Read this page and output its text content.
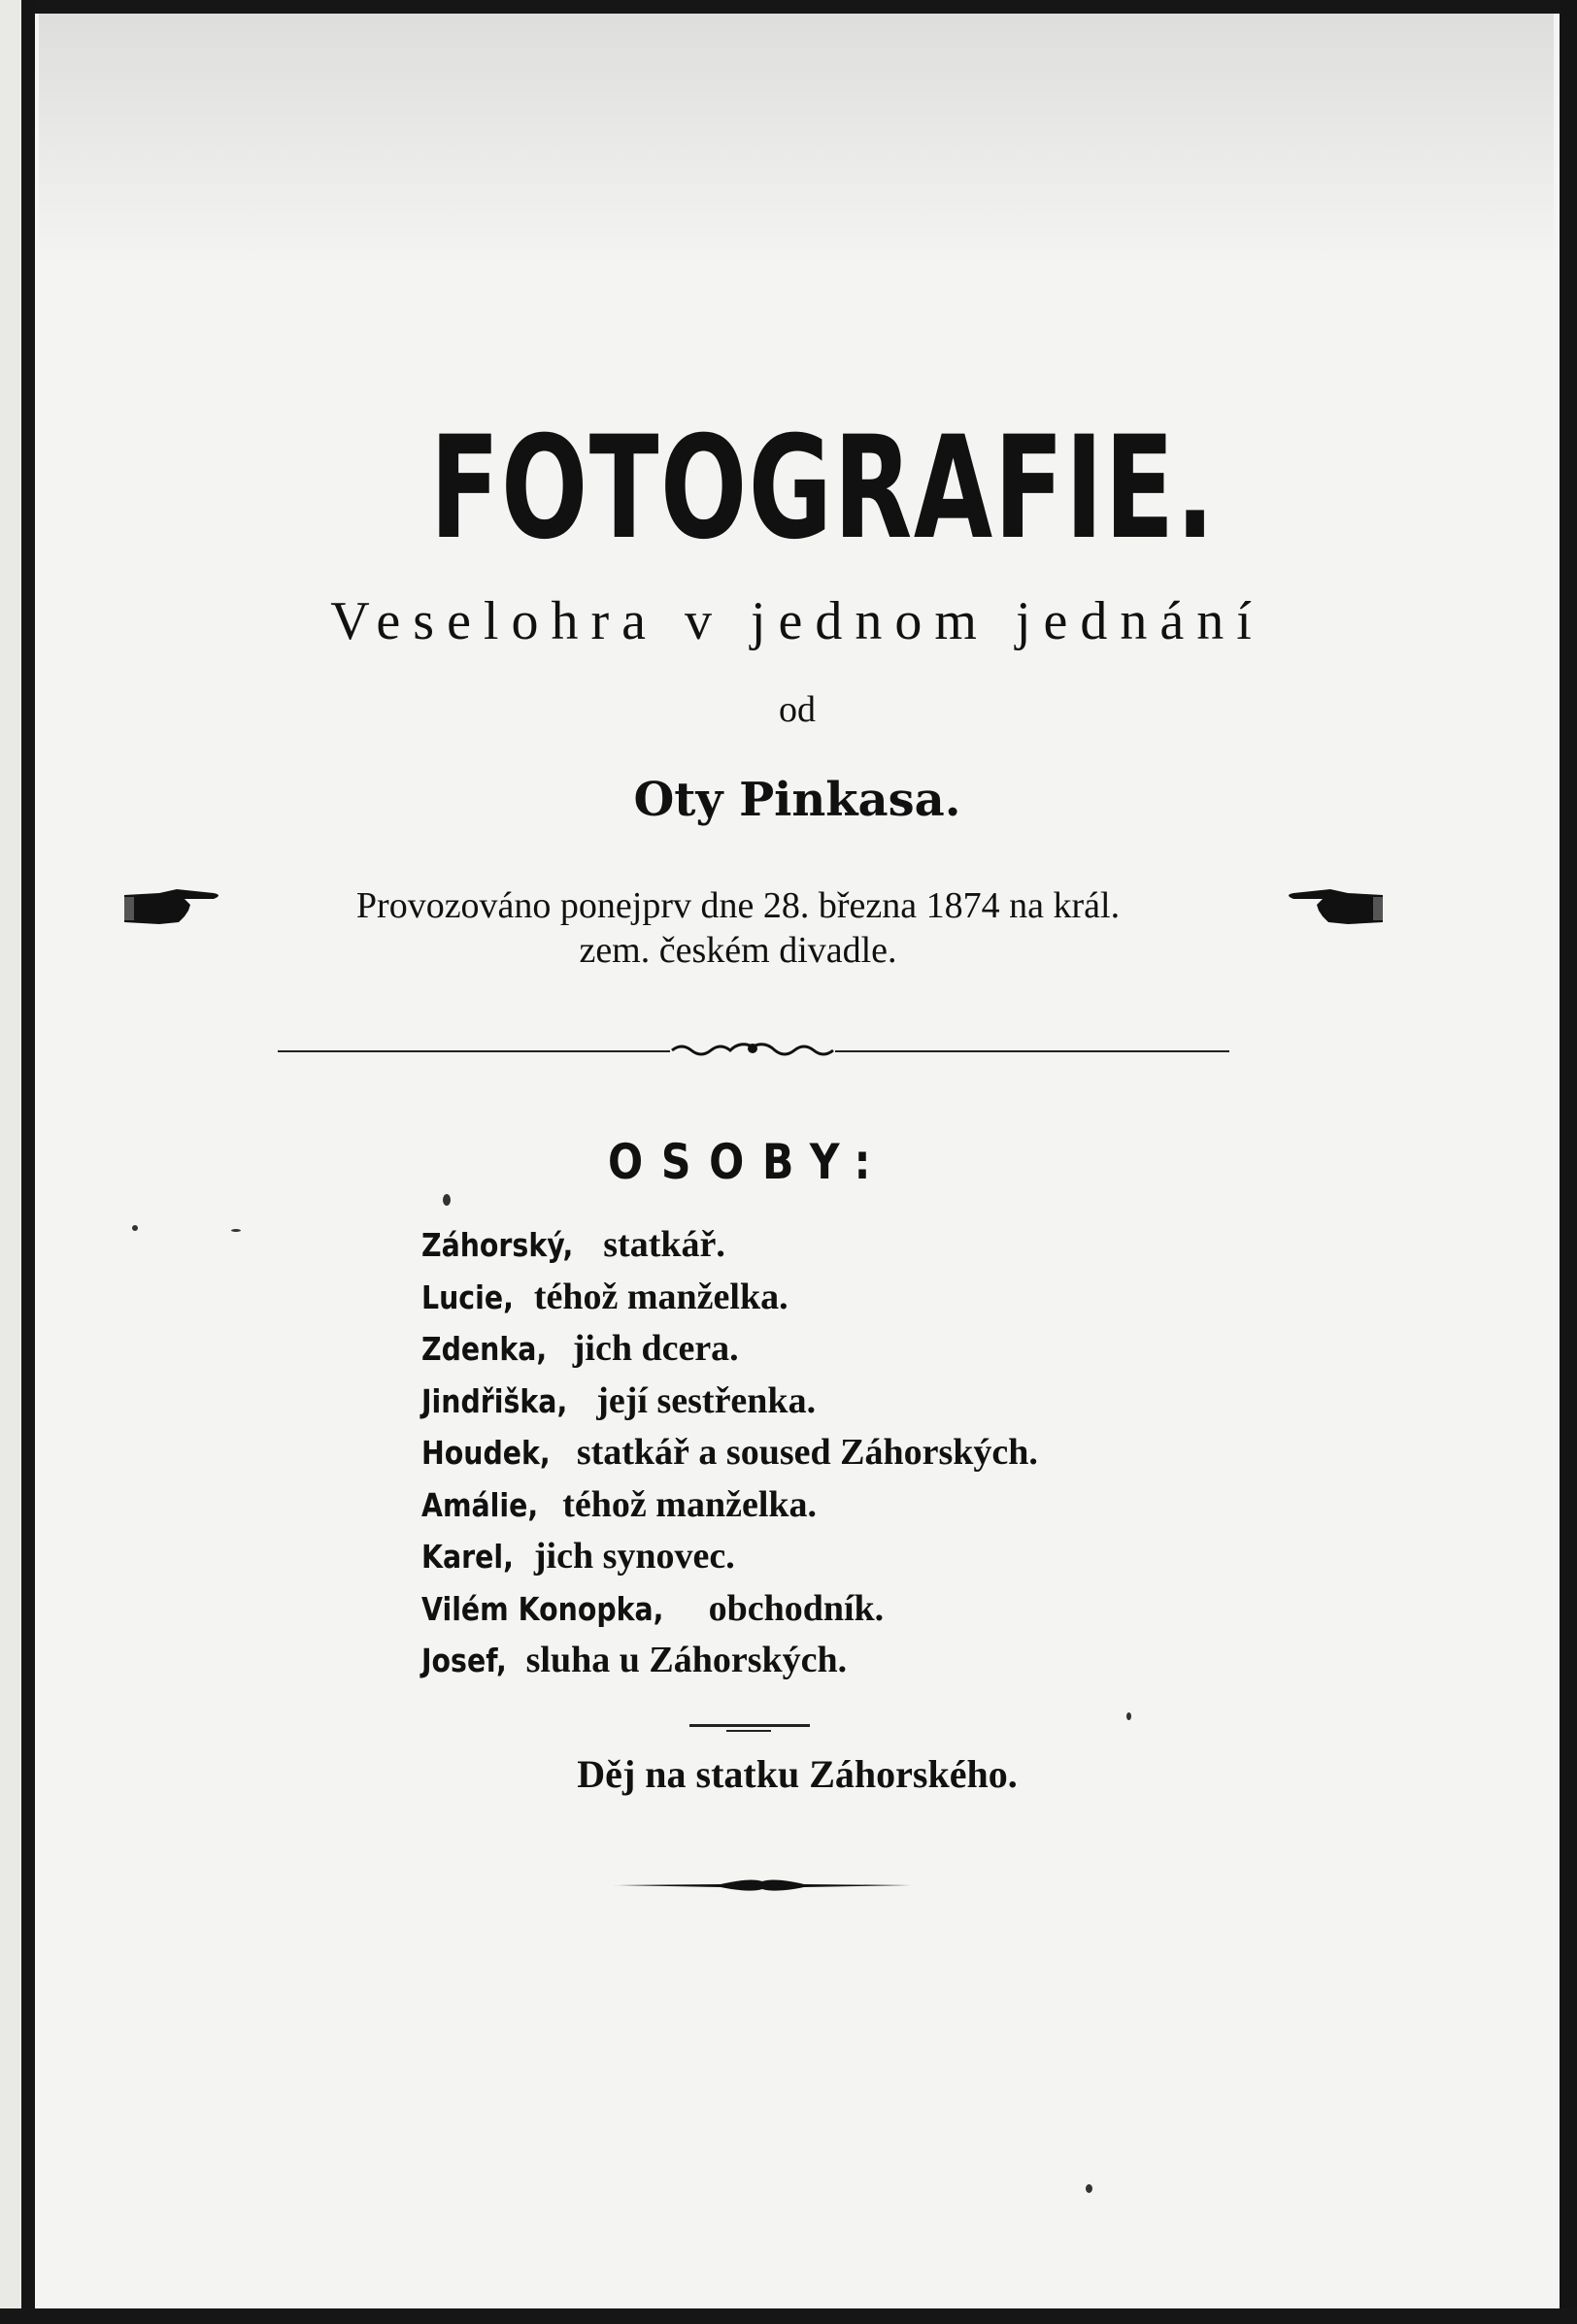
FOTOGRAFIE.
Veselohra v jednom jednání
od
Oty Pinkasa.
Provozováno ponejprv dne 28. března 1874 na král.
zem. českém divadle.
OSOBY:
Záhorský, statkář.
Lucie, téhož manželka.
Zdenka, jich dcera.
Jindřiška, její sestřenka.
Houdek, statkář a soused Záhorských.
Amálie, téhož manželka.
Karel, jich synovec.
Vilém Konopka, obchodník.
Josef, sluha u Záhorských.
Děj na statku Záhorského.
